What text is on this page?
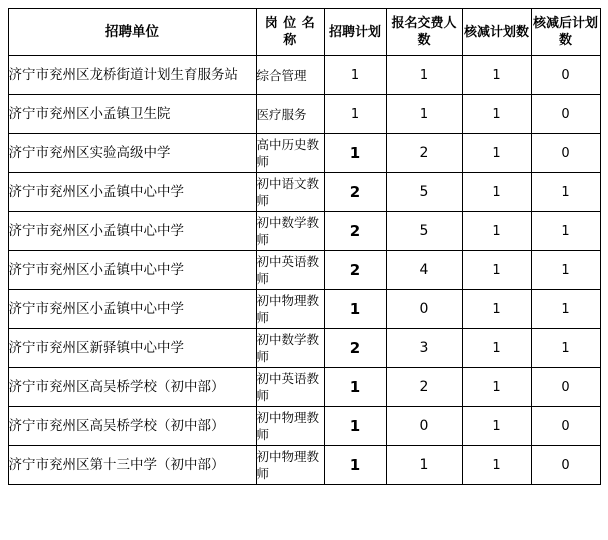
招聘单位	岗 位 名 称	招聘计划	报名交费人数	核减计划数	核减后计划数
济宁市兖州区龙桥街道计划生育服务站	综合管理	1	1	1	0
济宁市兖州区小孟镇卫生院	医疗服务	1	1	1	0
济宁市兖州区实验高级中学	高中历史教师	1	2	1	0
济宁市兖州区小孟镇中心中学	初中语文教师	2	5	1	1
济宁市兖州区小孟镇中心中学	初中数学教师	2	5	1	1
济宁市兖州区小孟镇中心中学	初中英语教师	2	4	1	1
济宁市兖州区小孟镇中心中学	初中物理教师	1	0	1	1
济宁市兖州区新驿镇中心中学	初中数学教师	2	3	1	1
济宁市兖州区高吴桥学校（初中部）	初中英语教师	1	2	1	0
济宁市兖州区高吴桥学校（初中部）	初中物理教师	1	0	1	0
济宁市兖州区第十三中学（初中部）	初中物理教师	1	1	1	0
